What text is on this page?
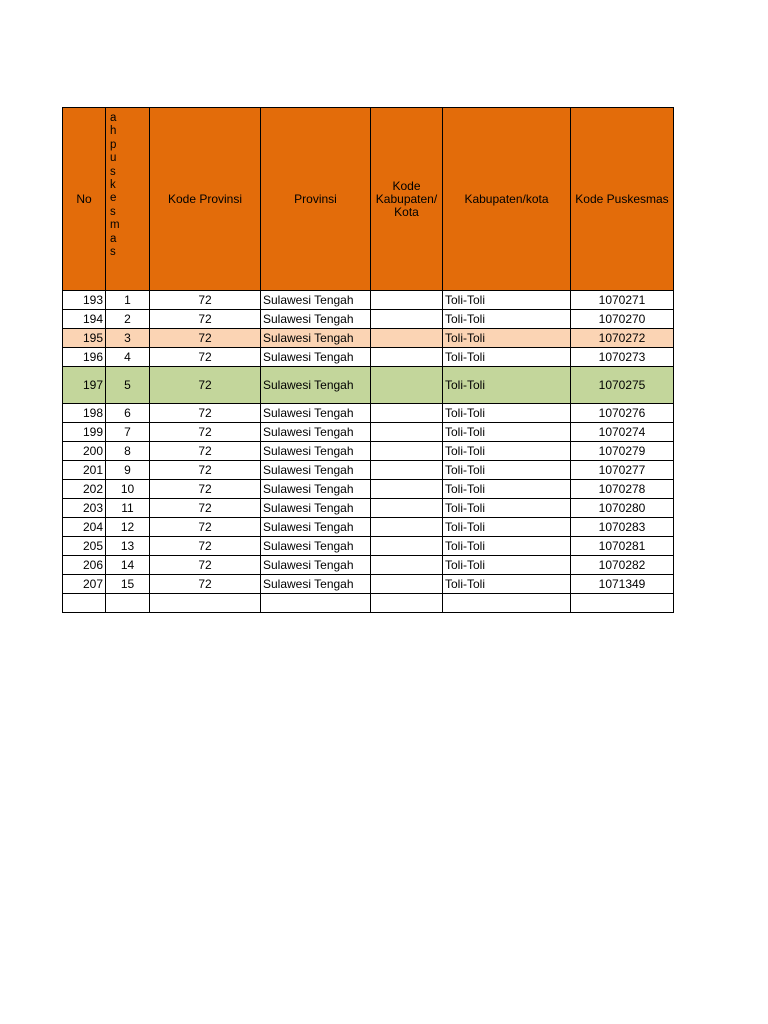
No	ah puskesmas	Kode Provinsi	Provinsi	Kode Kabupaten/ Kota	Kabupaten/kota	Kode Puskesmas
193	1	72	Sulawesi Tengah		Toli-Toli	1070271
194	2	72	Sulawesi Tengah		Toli-Toli	1070270
195	3	72	Sulawesi Tengah		Toli-Toli	1070272
196	4	72	Sulawesi Tengah		Toli-Toli	1070273
197	5	72	Sulawesi Tengah		Toli-Toli	1070275
198	6	72	Sulawesi Tengah		Toli-Toli	1070276
199	7	72	Sulawesi Tengah		Toli-Toli	1070274
200	8	72	Sulawesi Tengah		Toli-Toli	1070279
201	9	72	Sulawesi Tengah		Toli-Toli	1070277
202	10	72	Sulawesi Tengah		Toli-Toli	1070278
203	11	72	Sulawesi Tengah		Toli-Toli	1070280
204	12	72	Sulawesi Tengah		Toli-Toli	1070283
205	13	72	Sulawesi Tengah		Toli-Toli	1070281
206	14	72	Sulawesi Tengah		Toli-Toli	1070282
207	15	72	Sulawesi Tengah		Toli-Toli	1071349
